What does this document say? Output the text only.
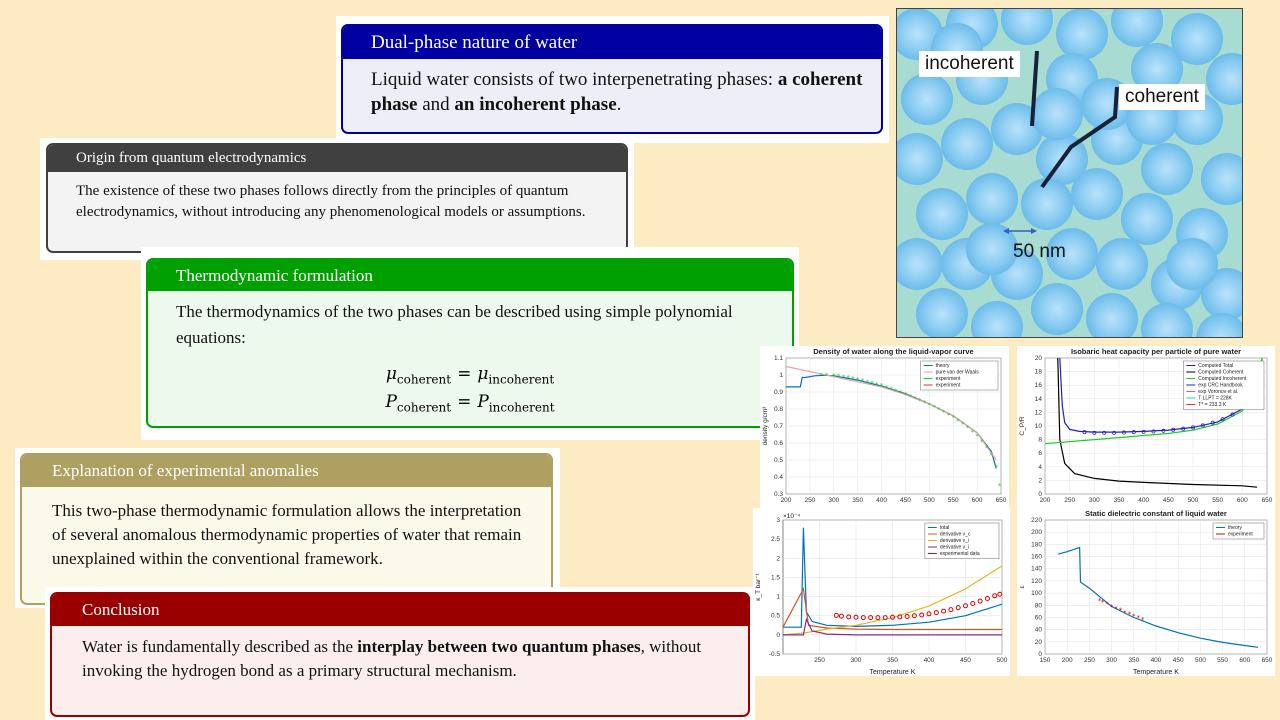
Dual-phase nature of water
Liquid water consists of two interpenetrating phases: a coherent phase and an incoherent phase.
Origin from quantum electrodynamics
The existence of these two phases follows directly from the principles of quantum electrodynamics, without introducing any phenomenological models or assumptions.
Thermodynamic formulation
The thermodynamics of the two phases can be described using simple polynomial equations:
$\mu_{coherent} = \mu_{incoherent}$
$P_{coherent} = P_{incoherent}$
Explanation of experimental anomalies
This two-phase thermodynamic formulation allows the interpretation of several anomalous thermodynamic properties of water that remain unexplained within the conventional framework.
Conclusion
Water is fundamentally described as the interplay between two quantum phases, without invoking the hydrogen bond as a primary structural mechanism.
incoherent
coherent
50 nm
Density of water along the liquid-vapor curve
200 250 300 350 400 450 500 550 600 650
0.3
0.4
0.5
0.6
0.7
0.8
0.9
1
1.1
density g/cm³
* * * * * * * * * * * * * * * * * * * * * * * * * * * * * * *
*
*
*
*
*
*
*
theory
pure van der Waals
experiment
experiment
Isobaric heat capacity per particle of pure water
200 250 300 350 400 450 500 550 600 650
0
2
4
6
8
10
12
14
16
18
20
C_P/R
Computed Total
Computed Coherent
Computed Incoherent
exp CRC Handbook
exp Voronov et al.
T LLPT = 228K
T* = 233.3 K
250	300	350	400	450	500
-0.5
0
0.5
1
1.5
2
2.5
3
Temperature K
κ_T bar⁻¹
×10⁻⁴
total
derivative v_c
derivative v_i
derivative v_i
experimental data
Static dielectric constant of liquid water
150 200 250 300 350 400 450 500 550 600 650
0
20
40
60
80
100
120
140
160
180
200
220
Temperature K
ε
* * * * * * * * * * *
theory
experiment
